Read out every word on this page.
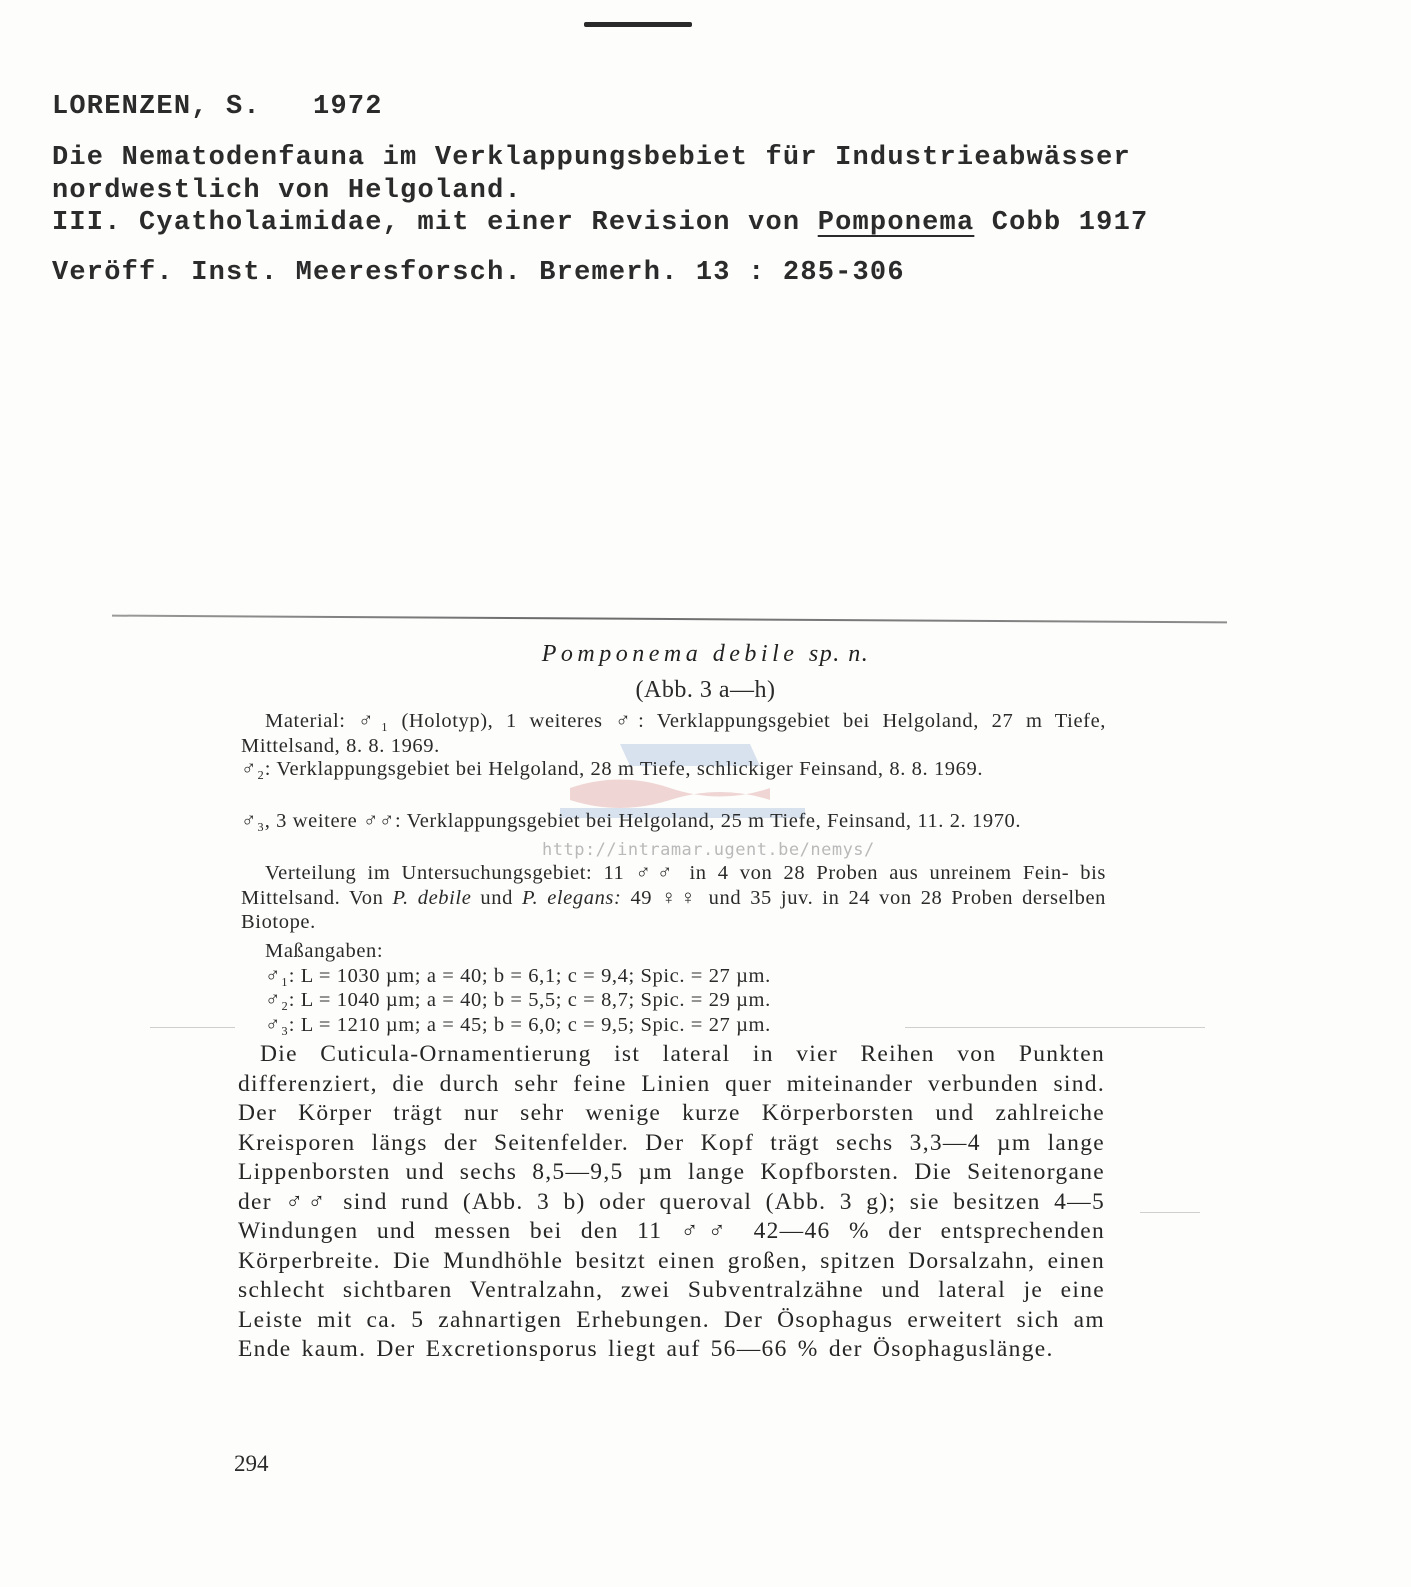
LORENZEN, S.   1972
Die Nematodenfauna im Verklappungsbebiet für Industrieabwässer
nordwestlich von Helgoland.
III. Cyatholaimidae, mit einer Revision von Pomponema Cobb 1917
Veröff. Inst. Meeresforsch. Bremerh. 13 : 285-306
Pomponema debile sp. n.
(Abb. 3 a—h)

Material: ♂₁ (Holotyp), 1 weiteres ♂: Verklappungsgebiet bei Helgoland, 27 m Tiefe, Mittelsand, 8. 8. 1969.

♂₂: Verklappungsgebiet bei Helgoland, 28 m Tiefe, schlickiger Feinsand, 8. 8. 1969.

♂₃, 3 weitere ♂♂: Verklappungsgebiet bei Helgoland, 25 m Tiefe, Feinsand, 11. 2. 1970.

http://intramar.ugent.be/nemys/

Verteilung im Untersuchungsgebiet: 11 ♂♂ in 4 von 28 Proben aus unreinem Fein- bis Mittelsand. Von P. debile und P. elegans: 49 ♀♀ und 35 juv. in 24 von 28 Proben derselben Biotope.

Maßangaben:

♂₁: L = 1030 µm; a = 40; b = 6,1; c = 9,4; Spic. = 27 µm.

♂₂: L = 1040 µm; a = 40; b = 5,5; c = 8,7; Spic. = 29 µm.

♂₃: L = 1210 µm; a = 45; b = 6,0; c = 9,5; Spic. = 27 µm.

Die Cuticula-Ornamentierung ist lateral in vier Reihen von Punkten differenziert, die durch sehr feine Linien quer miteinander verbunden sind. Der Körper trägt nur sehr wenige kurze Körperborsten und zahlreiche Kreisporen längs der Seitenfelder. Der Kopf trägt sechs 3,3—4 µm lange Lippenborsten und sechs 8,5—9,5 µm lange Kopfborsten. Die Seitenorgane der ♂♂ sind rund (Abb. 3 b) oder queroval (Abb. 3 g); sie besitzen 4—5 Windungen und messen bei den 11 ♂♂ 42—46 % der entsprechenden Körperbreite. Die Mundhöhle besitzt einen großen, spitzen Dorsalzahn, einen schlecht sichtbaren Ventralzahn, zwei Subventralzähne und lateral je eine Leiste mit ca. 5 zahnartigen Erhebungen. Der Ösophagus erweitert sich am Ende kaum. Der Excretionsporus liegt auf 56—66 % der Ösophaguslänge.

294
